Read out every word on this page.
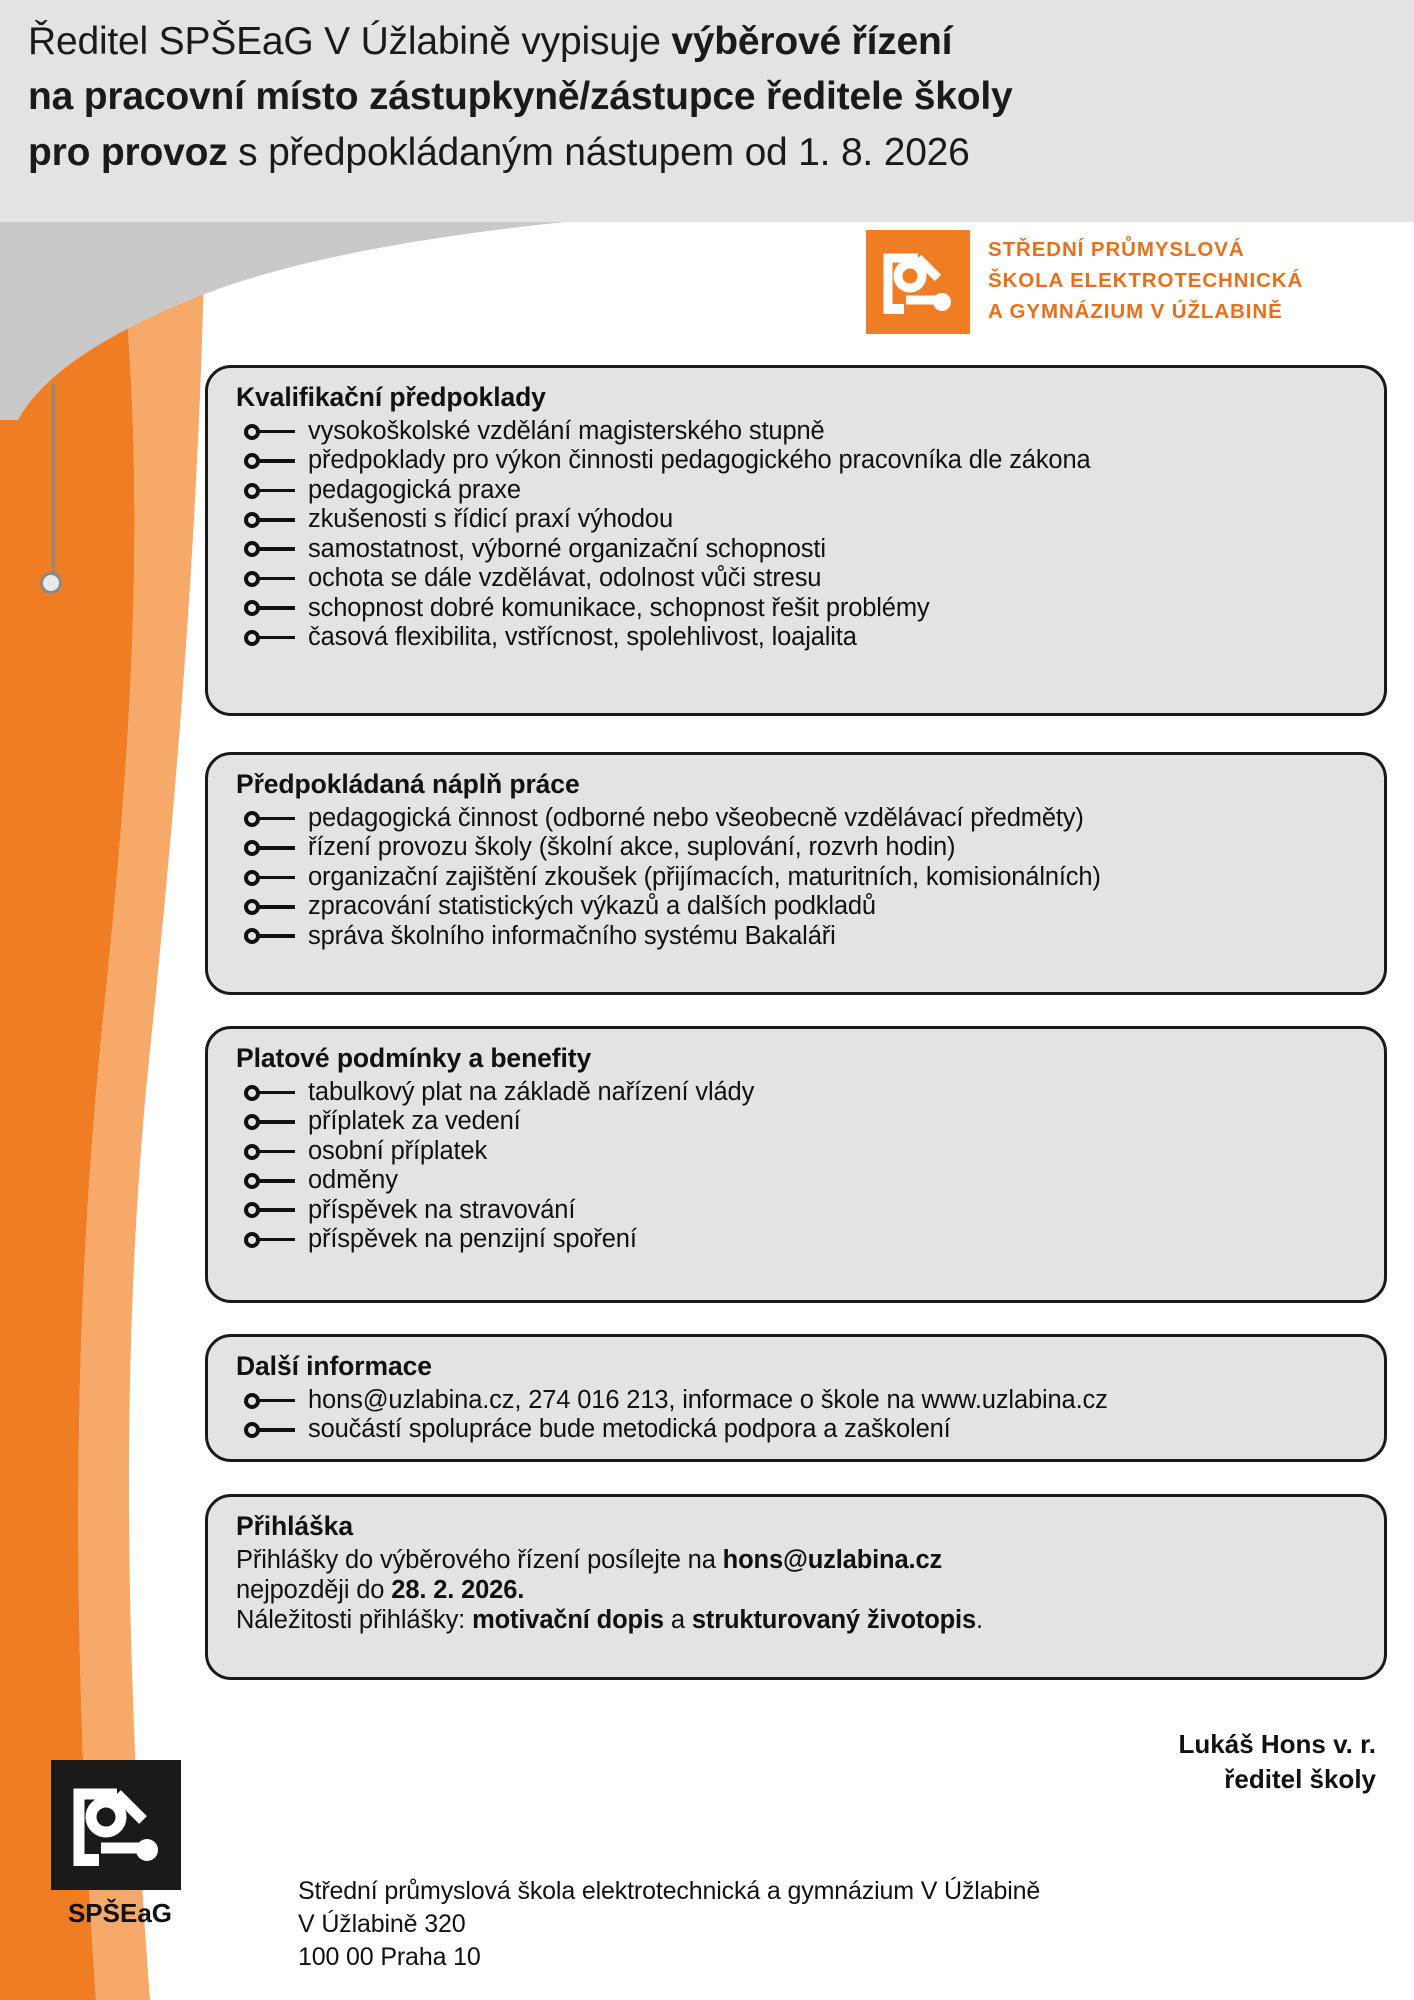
Ředitel SPŠEaG V Úžlabině vypisuje výběrové řízení
na pracovní místo zástupkyně/zástupce ředitele školy
pro provoz s předpokládaným nástupem od 1. 8. 2026
STŘEDNÍ PRŮMYSLOVÁ
ŠKOLA ELEKTROTECHNICKÁ
A GYMNÁZIUM V ÚŽLABINĚ
Kvalifikační předpoklady
vysokoškolské vzdělání magisterského stupně
předpoklady pro výkon činnosti pedagogického pracovníka dle zákona
pedagogická praxe
zkušenosti s řídicí praxí výhodou
samostatnost, výborné organizační schopnosti
ochota se dále vzdělávat, odolnost vůči stresu
schopnost dobré komunikace, schopnost řešit problémy
časová flexibilita, vstřícnost, spolehlivost, loajalita
Předpokládaná náplň práce
pedagogická činnost (odborné nebo všeobecně vzdělávací předměty)
řízení provozu školy (školní akce, suplování, rozvrh hodin)
organizační zajištění zkoušek (přijímacích, maturitních, komisionálních)
zpracování statistických výkazů a dalších podkladů
správa školního informačního systému Bakaláři
Platové podmínky a benefity
tabulkový plat na základě nařízení vlády
příplatek za vedení
osobní příplatek
odměny
příspěvek na stravování
příspěvek na penzijní spoření
Další informace
hons@uzlabina.cz, 274 016 213, informace o škole na www.uzlabina.cz
součástí spolupráce bude metodická podpora a zaškolení
Přihláška
Přihlášky do výběrového řízení posílejte na hons@uzlabina.cz
nejpozději do 28. 2. 2026.
Náležitosti přihlášky: motivační dopis a strukturovaný životopis.
Lukáš Hons v. r.
ředitel školy
Střední průmyslová škola elektrotechnická a gymnázium V Úžlabině
V Úžlabině 320
100 00 Praha 10
SPŠEaG
